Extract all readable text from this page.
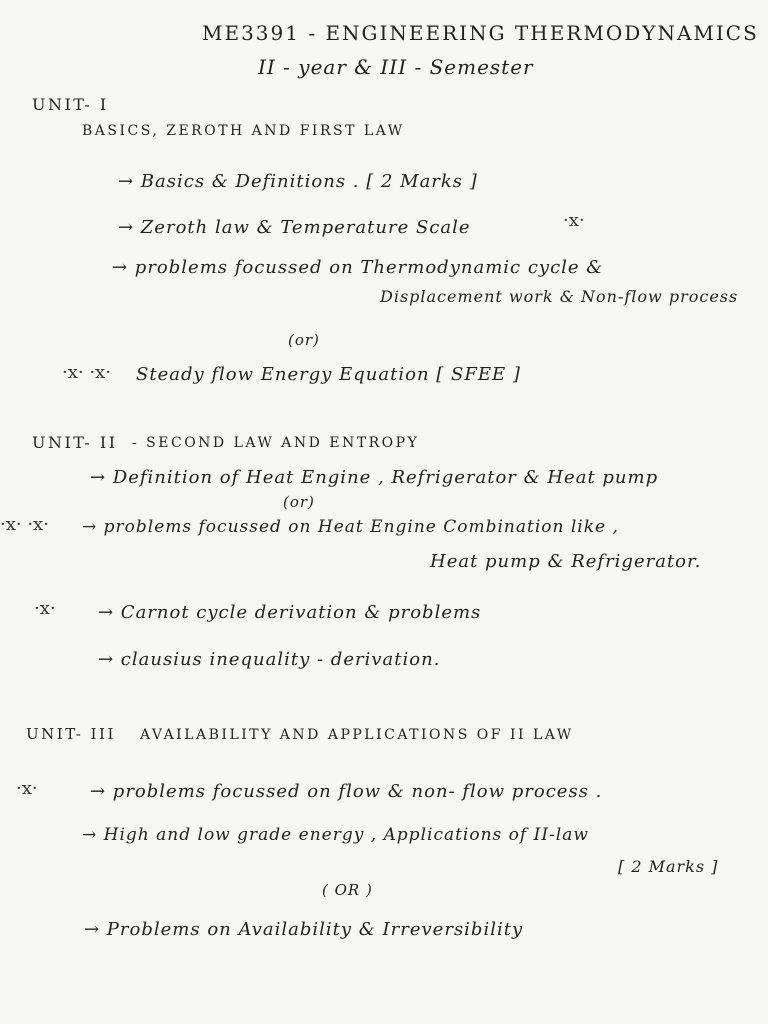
ME3391 - ENGINEERING THERMODYNAMICS
II - year & III - Semester
UNIT- I
BASICS, ZEROTH AND FIRST LAW
→ Basics & Definitions . [ 2 Marks ]
→ Zeroth law & Temperature Scale	·x·
→ problems focussed on Thermodynamic cycle &
Displacement work & Non-flow process
(or)
·x· ·x· Steady flow Energy Equation [ SFEE ]
UNIT- II - SECOND LAW AND ENTROPY
→ Definition of Heat Engine , Refrigerator & Heat pump
(or)
·x· ·x· → problems focussed on Heat Engine Combination like ,
Heat pump & Refrigerator.
·x· → Carnot cycle derivation & problems
→ clausius inequality - derivation.
UNIT- III AVAILABILITY AND APPLICATIONS OF II LAW
·x·	→ problems focussed on flow & non- flow process .
→ High and low grade energy , Applications of II-law
[ 2 Marks ]
( OR )
→ Problems on Availability & Irreversibility
